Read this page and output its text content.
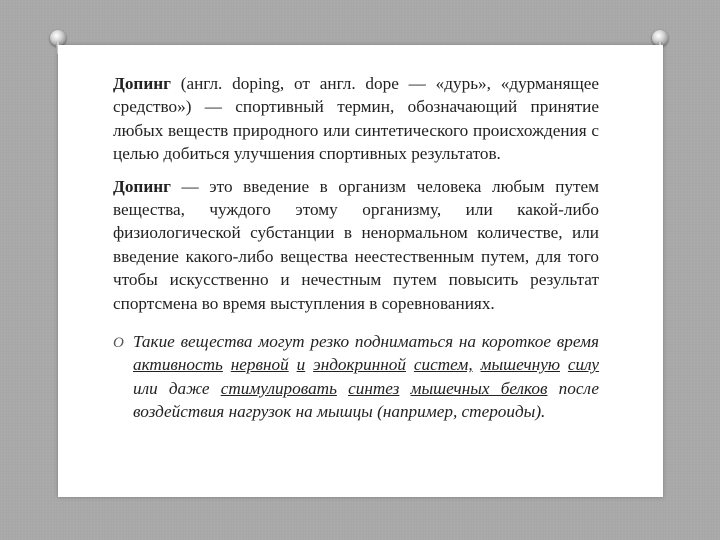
Допинг (англ. doping, от англ. dope — «дурь», «дурманящее средство») — спортивный термин, обозначающий принятие любых веществ природного или синтетического происхождения с целью добиться улучшения спортивных результатов.

Допинг — это введение в организм человека любым путем вещества, чуждого этому организму, или какой-либо физиологической субстанции в ненормальном количестве, или введение какого-либо вещества неестественным путем, для того чтобы искусственно и нечестным путем повысить результат спортсмена во время выступления в соревнованиях.

O Такие вещества могут резко подниматься на короткое время активность нервной и эндокринной систем, мышечную силу или даже стимулировать синтез мышечных белков после воздействия нагрузок на мышцы (например, стероиды).
